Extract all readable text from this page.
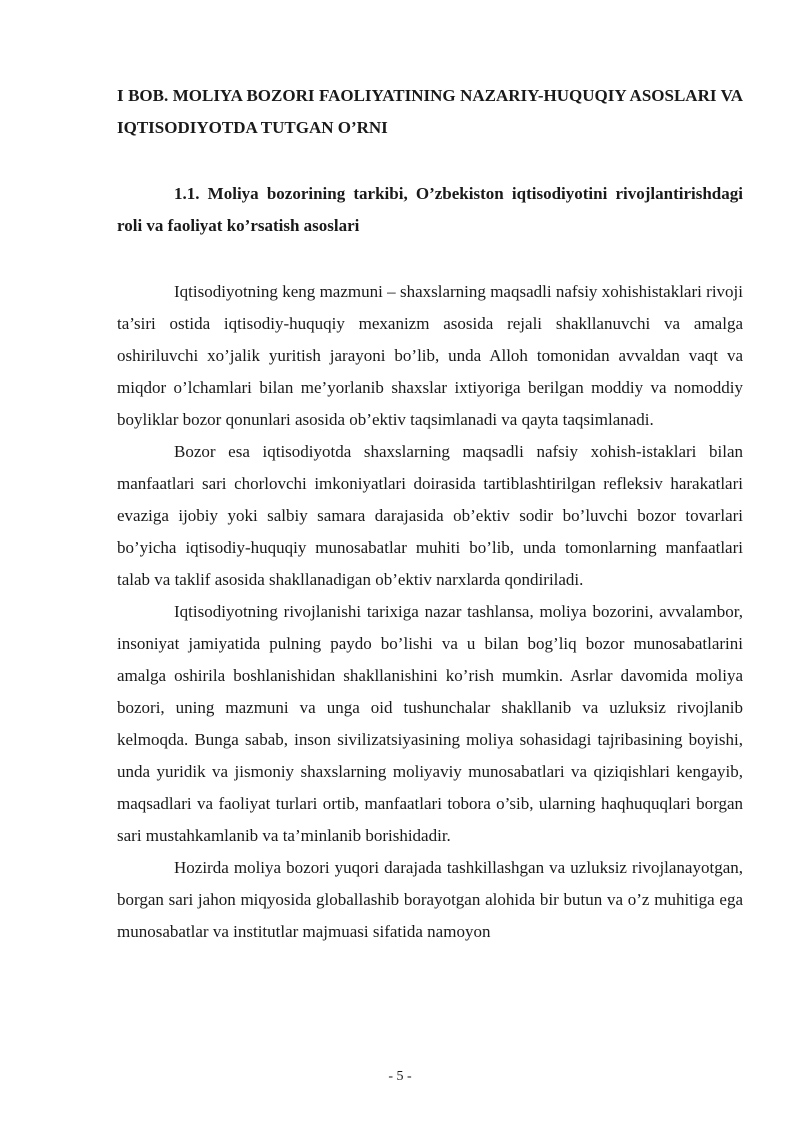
I BOB. MOLIYA BOZORI FAOLIYATINING NAZARIY-HUQUQIY ASOSLARI VA IQTISODIYOTDA TUTGAN O’RNI

1.1. Moliya bozorining tarkibi, O’zbekiston iqtisodiyotini rivojlantirishdagi roli va faoliyat ko’rsatish asoslari

Iqtisodiyotning keng mazmuni – shaxslarning maqsadli nafsiy xohishistaklari rivoji ta’siri ostida iqtisodiy-huquqiy mexanizm asosida rejali shakllanuvchi va amalga oshiriluvchi xo’jalik yuritish jarayoni bo’lib, unda Alloh tomonidan avvaldan vaqt va miqdor o’lchamlari bilan me’yorlanib shaxslar ixtiyoriga berilgan moddiy va nomoddiy boyliklar bozor qonunlari asosida ob’ektiv taqsimlanadi va qayta taqsimlanadi.

Bozor esa iqtisodiyotda shaxslarning maqsadli nafsiy xohish-istaklari bilan manfaatlari sari chorlovchi imkoniyatlari doirasida tartiblashtirilgan refleksiv harakatlari evaziga ijobiy yoki salbiy samara darajasida ob’ektiv sodir bo’luvchi bozor tovarlari bo’yicha iqtisodiy-huquqiy munosabatlar muhiti bo’lib, unda tomonlarning manfaatlari talab va taklif asosida shakllanadigan ob’ektiv narxlarda qondiriladi.

Iqtisodiyotning rivojlanishi tarixiga nazar tashlansa, moliya bozorini, avvalambor, insoniyat jamiyatida pulning paydo bo’lishi va u bilan bog’liq bozor munosabatlarini amalga oshirila boshlanishidan shakllanishini ko’rish mumkin. Asrlar davomida moliya bozori, uning mazmuni va unga oid tushunchalar shakllanib va uzluksiz rivojlanib kelmoqda. Bunga sabab, inson sivilizatsiyasining moliya sohasidagi tajribasining boyishi, unda yuridik va jismoniy shaxslarning moliyaviy munosabatlari va qiziqishlari kengayib, maqsadlari va faoliyat turlari ortib, manfaatlari tobora o’sib, ularning haqhuquqlari borgan sari mustahkamlanib va ta’minlanib borishidadir.

Hozirda moliya bozori yuqori darajada tashkillashgan va uzluksiz rivojlanayotgan, borgan sari jahon miqyosida globallashib borayotgan alohida bir butun va o’z muhitiga ega munosabatlar va institutlar majmuasi sifatida namoyon

- 5 -
